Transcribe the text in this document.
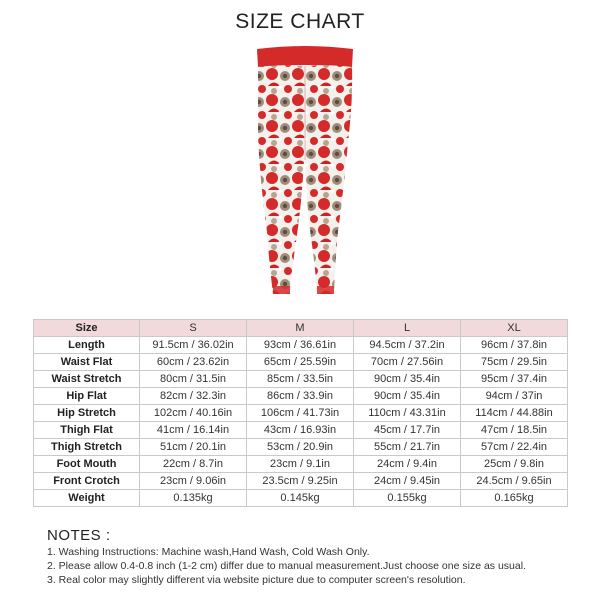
SIZE CHART
Size	S	M	L	XL
Length	91.5cm / 36.02in	93cm / 36.61in	94.5cm / 37.2in	96cm / 37.8in
Waist Flat	60cm / 23.62in	65cm / 25.59in	70cm / 27.56in	75cm / 29.5in
Waist Stretch	80cm / 31.5in	85cm / 33.5in	90cm / 35.4in	95cm / 37.4in
Hip Flat	82cm / 32.3in	86cm / 33.9in	90cm / 35.4in	94cm / 37in
Hip Stretch	102cm / 40.16in	106cm / 41.73in	110cm / 43.31in	114cm / 44.88in
Thigh Flat	41cm / 16.14in	43cm / 16.93in	45cm / 17.7in	47cm / 18.5in
Thigh Stretch	51cm / 20.1in	53cm / 20.9in	55cm / 21.7in	57cm / 22.4in
Foot Mouth	22cm / 8.7in	23cm / 9.1in	24cm / 9.4in	25cm / 9.8in
Front Crotch	23cm / 9.06in	23.5cm / 9.25in	24cm / 9.45in	24.5cm / 9.65in
Weight	0.135kg	0.145kg	0.155kg	0.165kg
NOTES :
1. Washing Instructions: Machine wash,Hand Wash, Cold Wash Only.
2. Please allow 0.4-0.8 inch (1-2 cm) differ due to manual measurement.Just choose one size as usual.
3. Real color may slightly different via website picture due to computer screen's resolution.
